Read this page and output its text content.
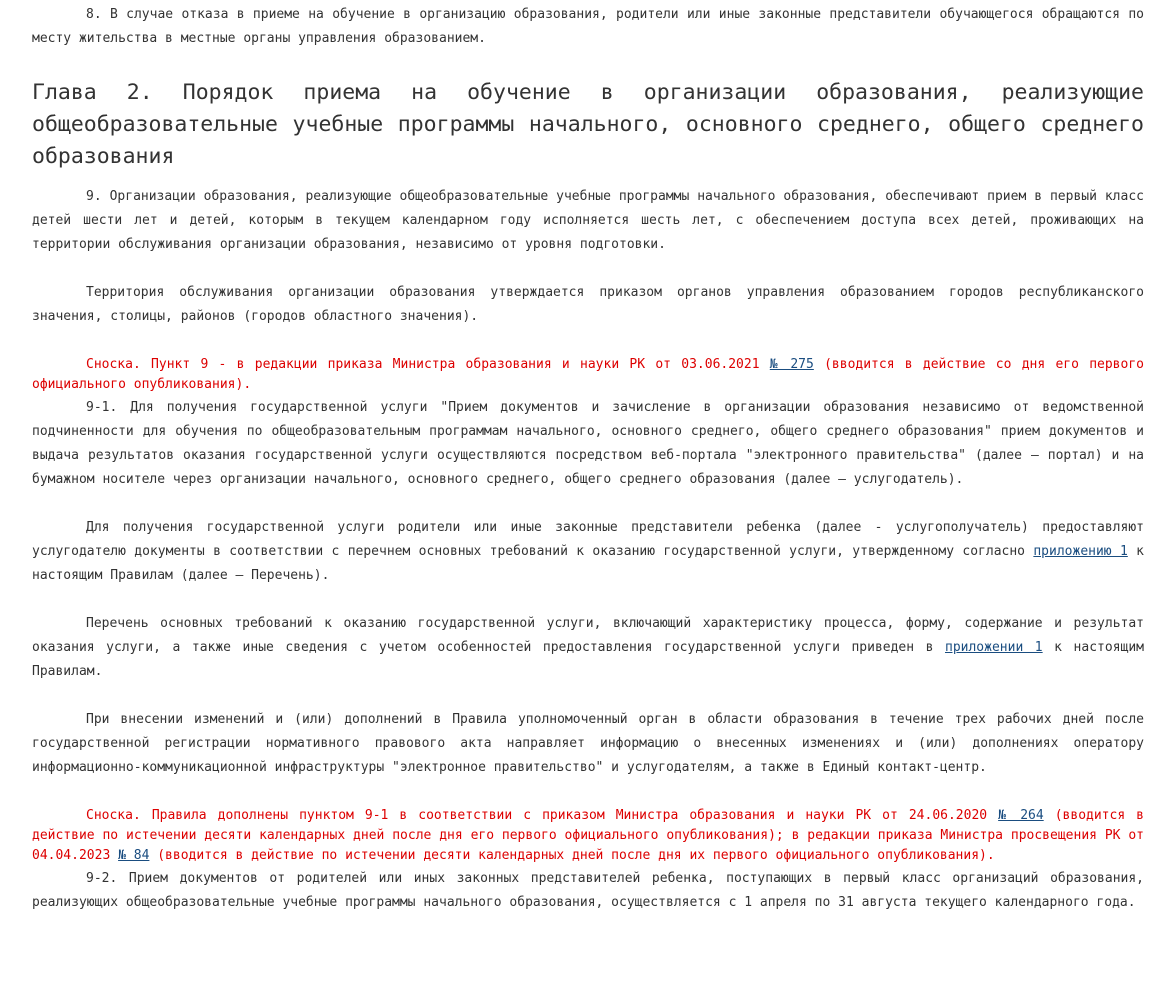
8. В случае отказа в приеме на обучение в организацию образования, родители или иные законные представители обучающегося обращаются по месту жительства в местные органы управления образованием.

Глава 2. Порядок приема на обучение в организации образования, реализующие общеобразовательные учебные программы начального, основного среднего, общего среднего образования

9. Организации образования, реализующие общеобразовательные учебные программы начального образования, обеспечивают прием в первый класс детей шести лет и детей, которым в текущем календарном году исполняется шесть лет, с обеспечением доступа всех детей, проживающих на территории обслуживания организации образования, независимо от уровня подготовки.

Территория обслуживания организации образования утверждается приказом органов управления образованием городов республиканского значения, столицы, районов (городов областного значения).

Сноска. Пункт 9 - в редакции приказа Министра образования и науки РК от 03.06.2021 № 275 (вводится в действие со дня его первого официального опубликования).

9-1. Для получения государственной услуги "Прием документов и зачисление в организации образования независимо от ведомственной подчиненности для обучения по общеобразовательным программам начального, основного среднего, общего среднего образования" прием документов и выдача результатов оказания государственной услуги осуществляются посредством веб-портала "электронного правительства" (далее – портал) и на бумажном носителе через организации начального, основного среднего, общего среднего образования (далее – услугодатель).

Для получения государственной услуги родители или иные законные представители ребенка (далее - услугополучатель) предоставляют услугодателю документы в соответствии с перечнем основных требований к оказанию государственной услуги, утвержденному согласно приложению 1 к настоящим Правилам (далее – Перечень).

Перечень основных требований к оказанию государственной услуги, включающий характеристику процесса, форму, содержание и результат оказания услуги, а также иные сведения с учетом особенностей предоставления государственной услуги приведен в приложении 1 к настоящим Правилам.

При внесении изменений и (или) дополнений в Правила уполномоченный орган в области образования в течение трех рабочих дней после государственной регистрации нормативного правового акта направляет информацию о внесенных изменениях и (или) дополнениях оператору информационно-коммуникационной инфраструктуры "электронное правительство" и услугодателям, а также в Единый контакт-центр.

Сноска. Правила дополнены пунктом 9-1 в соответствии с приказом Министра образования и науки РК от 24.06.2020 № 264 (вводится в действие по истечении десяти календарных дней после дня его первого официального опубликования); в редакции приказа Министра просвещения РК от 04.04.2023 № 84 (вводится в действие по истечении десяти календарных дней после дня их первого официального опубликования).

9-2. Прием документов от родителей или иных законных представителей ребенка, поступающих в первый класс организаций образования, реализующих общеобразовательные учебные программы начального образования, осуществляется с 1 апреля по 31 августа текущего календарного года.
